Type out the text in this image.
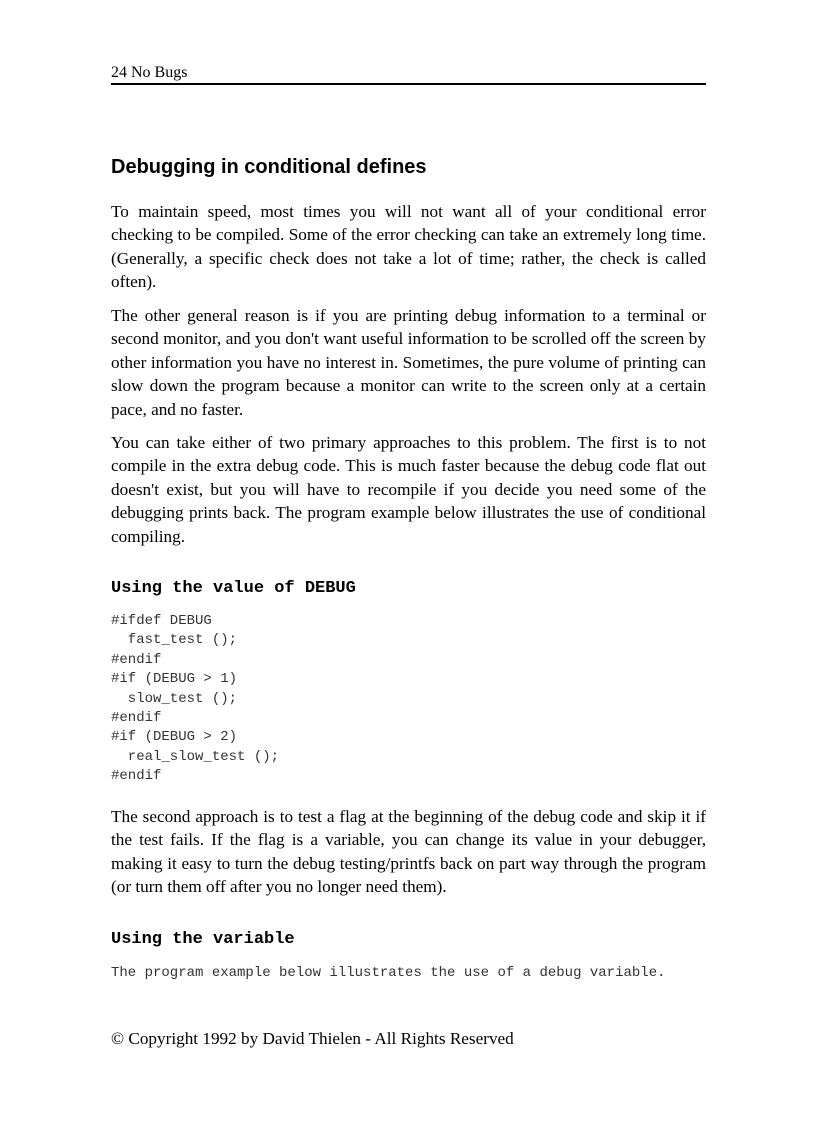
24 No Bugs
Debugging in conditional defines

To maintain speed, most times you will not want all of your conditional error checking to be compiled. Some of the error checking can take an extremely long time. (Generally, a specific check does not take a lot of time; rather, the check is called often).

The other general reason is if you are printing debug information to a terminal or second monitor, and you don't want useful information to be scrolled off the screen by other information you have no interest in. Sometimes, the pure volume of printing can slow down the program because a monitor can write to the screen only at a certain pace, and no faster.

You can take either of two primary approaches to this problem. The first is to not compile in the extra debug code. This is much faster because the debug code flat out doesn't exist, but you will have to recompile if you decide you need some of the debugging prints back. The program example below illustrates the use of conditional compiling.

Using the value of DEBUG
#ifdef DEBUG
fast_test ();
#endif
#if (DEBUG > 1)
slow_test ();
#endif
#if (DEBUG > 2)
real_slow_test ();
#endif

The second approach is to test a flag at the beginning of the debug code and skip it if the test fails. If the flag is a variable, you can change its value in your debugger, making it easy to turn the debug testing/printfs back on part way through the program (or turn them off after you no longer need them).

Using the variable

The program example below illustrates the use of a debug variable.

© Copyright 1992 by David Thielen - All Rights Reserved
